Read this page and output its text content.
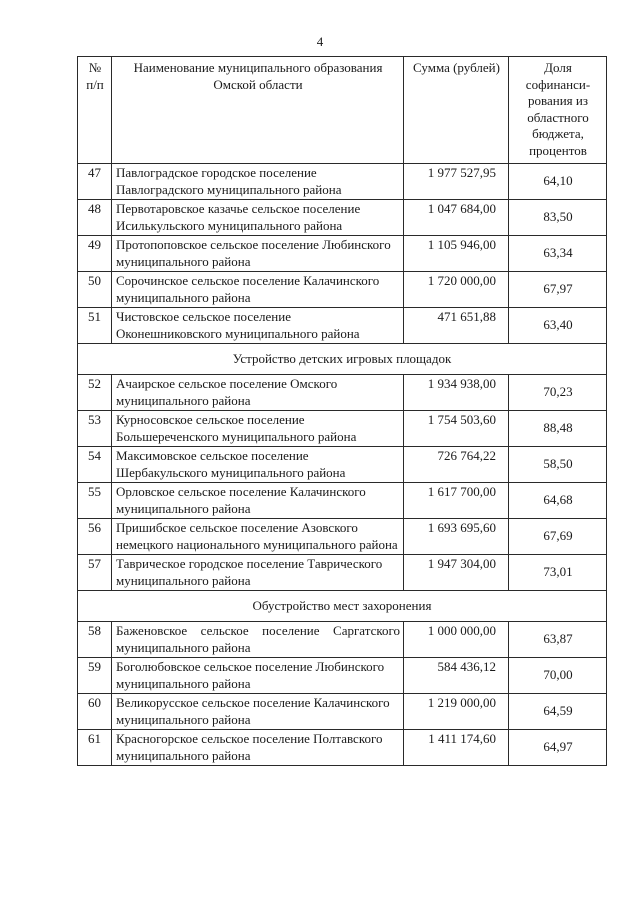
4
№ п/п	Наименование муниципального образования Омской области	Сумма (рублей)	Доля софинанси-рования из областного бюджета, процентов
47	Павлоградское городское поселение Павлоградского муниципального района	1 977 527,95	64,10
48	Первотаровское казачье сельское поселение Исилькульского муниципального района	1 047 684,00	83,50
49	Протопоповское сельское поселение Любинского муниципального района	1 105 946,00	63,34
50	Сорочинское сельское поселение Калачинского муниципального района	1 720 000,00	67,97
51	Чистовское сельское поселение Оконешниковского муниципального района	471 651,88	63,40
Устройство детских игровых площадок			
52	Ачаирское сельское поселение Омского муниципального района	1 934 938,00	70,23
53	Курносовское сельское поселение Большереченского муниципального района	1 754 503,60	88,48
54	Максимовское сельское поселение Шербакульского муниципального района	726 764,22	58,50
55	Орловское сельское поселение Калачинского муниципального района	1 617 700,00	64,68
56	Пришибское сельское поселение Азовского немецкого национального муниципального района	1 693 695,60	67,69
57	Таврическое городское поселение Таврического муниципального района	1 947 304,00	73,01
Обустройство мест захоронения			
58	Баженовское сельское поселение Саргатского муниципального района	1 000 000,00	63,87
59	Боголюбовское сельское поселение Любинского муниципального района	584 436,12	70,00
60	Великорусское сельское поселение Калачинского муниципального района	1 219 000,00	64,59
61	Красногорское сельское поселение Полтавского муниципального района	1 411 174,60	64,97
